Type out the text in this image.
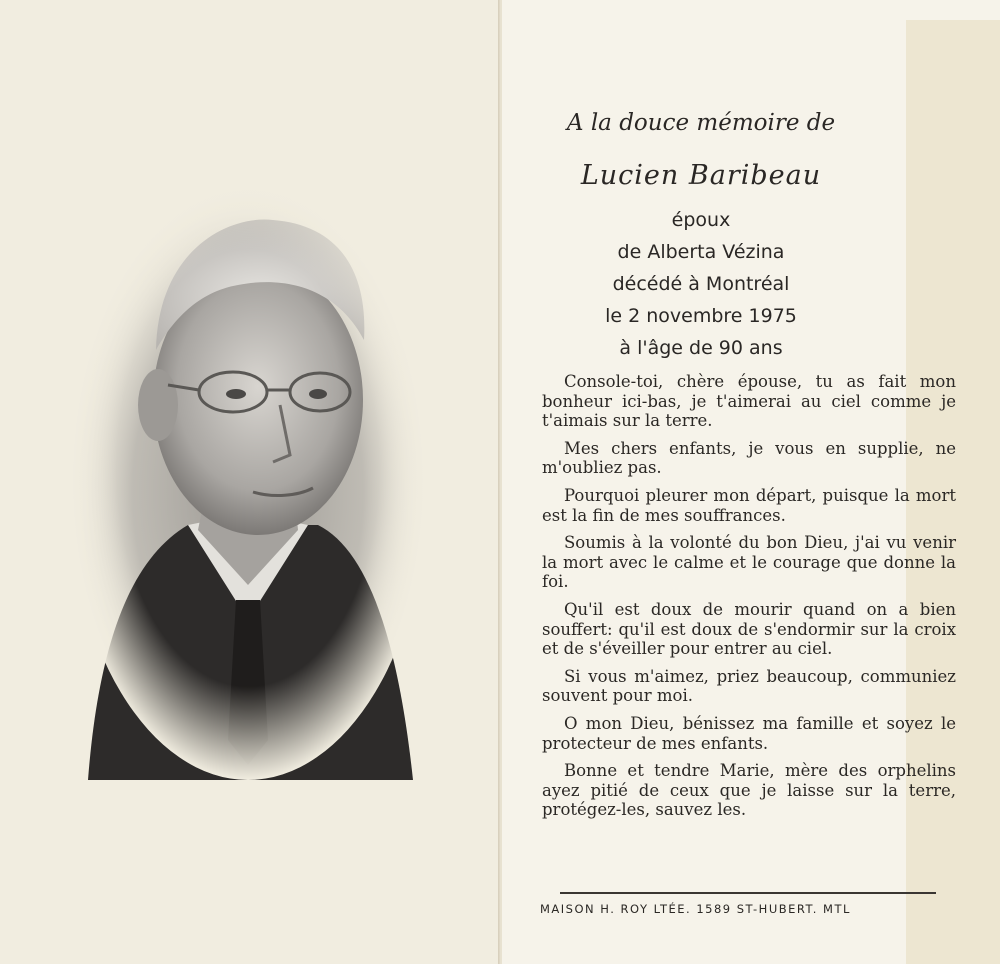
A la douce mémoire de
Lucien Baribeau
époux
de Alberta Vézina
décédé à Montréal
le 2 novembre 1975
à l'âge de 90 ans

Console-toi, chère épouse, tu as fait mon bonheur ici-bas, je t'aimerai au ciel comme je t'aimais sur la terre.

Mes chers enfants, je vous en supplie, ne m'oubliez pas.

Pourquoi pleurer mon départ, puisque la mort est la fin de mes souffrances.

Soumis à la volonté du bon Dieu, j'ai vu venir la mort avec le calme et le courage que donne la foi.

Qu'il est doux de mourir quand on a bien souffert: qu'il est doux de s'endormir sur la croix et de s'éveiller pour entrer au ciel.

Si vous m'aimez, priez beaucoup, communiez souvent pour moi.

O mon Dieu, bénissez ma famille et soyez le protecteur de mes enfants.

Bonne et tendre Marie, mère des orphelins ayez pitié de ceux que je laisse sur la terre, protégez-les, sauvez les.

MAISON H. ROY LTÉE. 1589 ST-HUBERT. MTL
